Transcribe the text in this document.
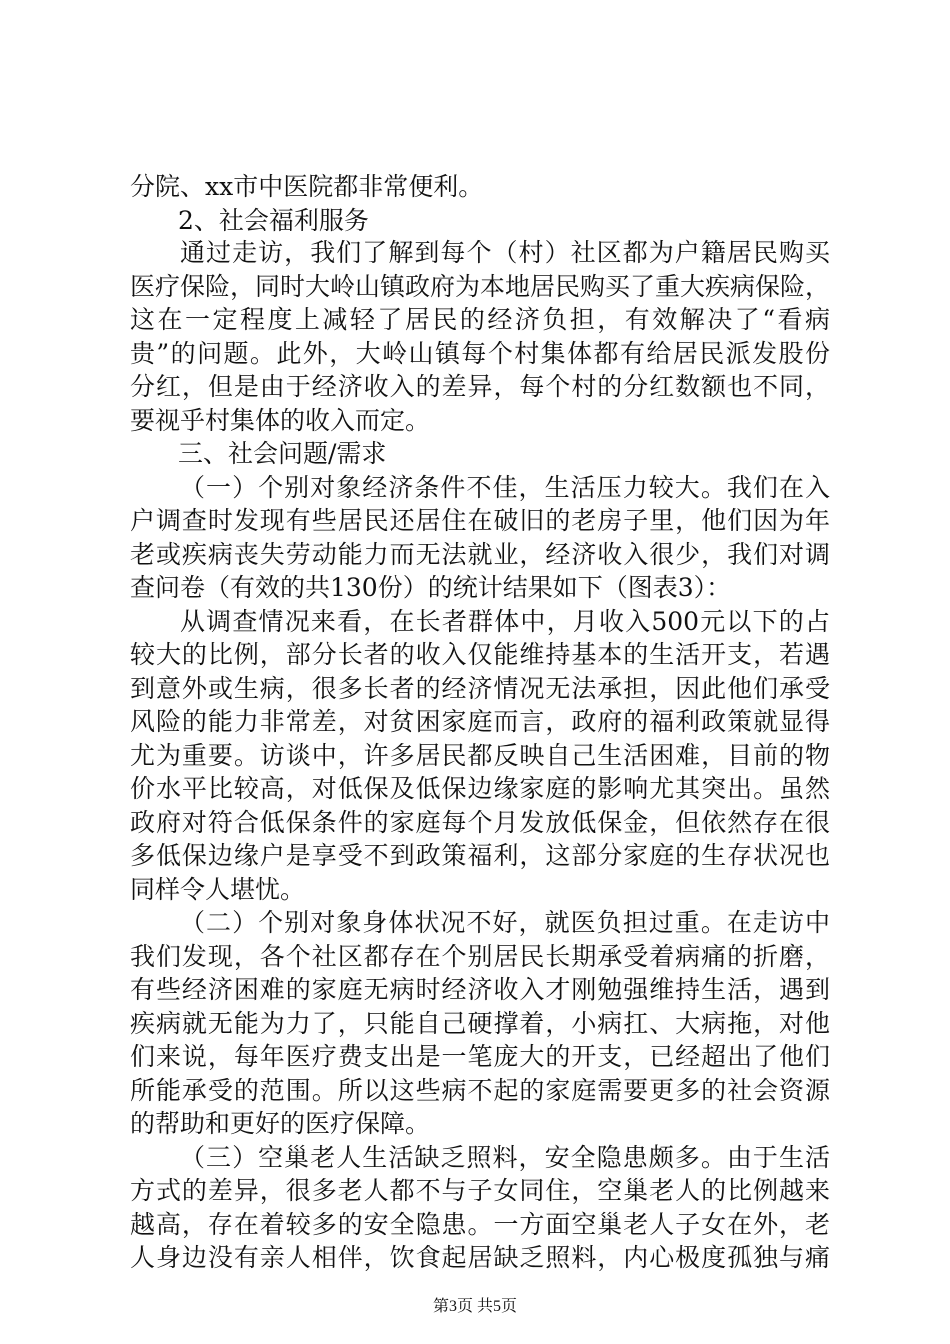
分院、xx市中医院都非常便利。
2、社会福利服务
通过走访，我们了解到每个（村）社区都为户籍居民购买
医疗保险，同时大岭山镇政府为本地居民购买了重大疾病保险，
这在一定程度上减轻了居民的经济负担，有效解决了“看病
贵”的问题。此外，大岭山镇每个村集体都有给居民派发股份
分红，但是由于经济收入的差异，每个村的分红数额也不同，
要视乎村集体的收入而定。
三、社会问题/需求
（一）个别对象经济条件不佳，生活压力较大。我们在入
户调查时发现有些居民还居住在破旧的老房子里，他们因为年
老或疾病丧失劳动能力而无法就业，经济收入很少，我们对调
查问卷（有效的共130份）的统计结果如下（图表3）：
从调查情况来看，在长者群体中，月收入500元以下的占
较大的比例，部分长者的收入仅能维持基本的生活开支，若遇
到意外或生病，很多长者的经济情况无法承担，因此他们承受
风险的能力非常差，对贫困家庭而言，政府的福利政策就显得
尤为重要。访谈中，许多居民都反映自己生活困难，目前的物
价水平比较高，对低保及低保边缘家庭的影响尤其突出。虽然
政府对符合低保条件的家庭每个月发放低保金，但依然存在很
多低保边缘户是享受不到政策福利，这部分家庭的生存状况也
同样令人堪忧。
（二）个别对象身体状况不好，就医负担过重。在走访中
我们发现，各个社区都存在个别居民长期承受着病痛的折磨，
有些经济困难的家庭无病时经济收入才刚勉强维持生活，遇到
疾病就无能为力了，只能自己硬撑着，小病扛、大病拖，对他
们来说，每年医疗费支出是一笔庞大的开支，已经超出了他们
所能承受的范围。所以这些病不起的家庭需要更多的社会资源
的帮助和更好的医疗保障。
（三）空巢老人生活缺乏照料，安全隐患颇多。由于生活
方式的差异，很多老人都不与子女同住，空巢老人的比例越来
越高，存在着较多的安全隐患。一方面空巢老人子女在外，老
人身边没有亲人相伴，饮食起居缺乏照料，内心极度孤独与痛
第3页 共5页
